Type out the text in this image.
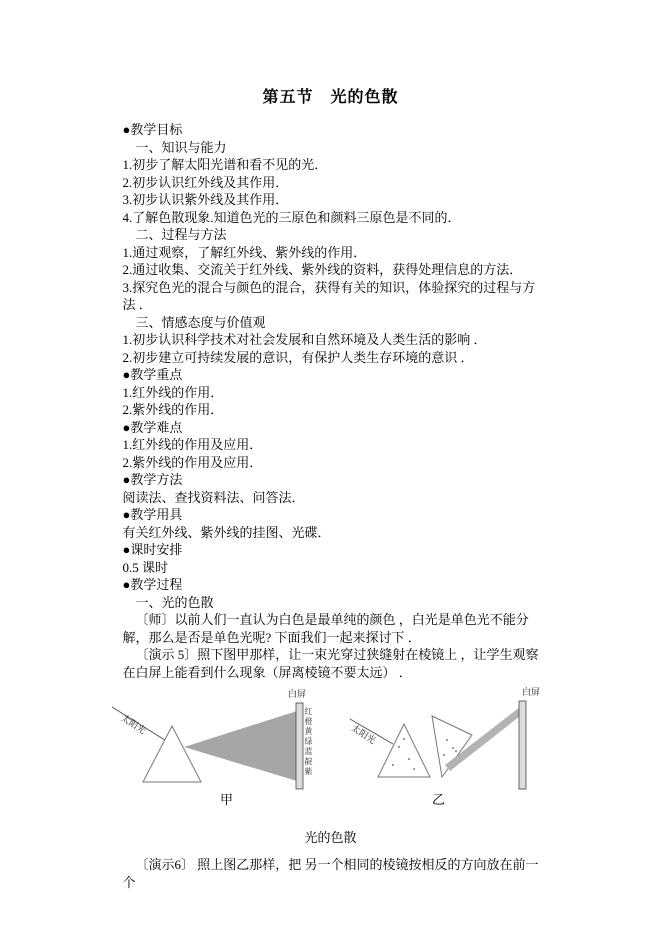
第五节　光的色散

●教学目标

一、知识与能力

1.初步了解太阳光谱和看不见的光．

2.初步认识红外线及其作用．

3.初步认识紫外线及其作用．

4.了解色散现象.知道色光的三原色和颜料三原色是不同的．

二、过程与方法

1.通过观察，了解红外线、紫外线的作用．

2.通过收集、交流关于红外线、紫外线的资料，获得处理信息的方法．

3.探究色光的混合与颜色的混合，获得有关的知识，体验探究的过程与方法 ．

三、情感态度与价值观

1.初步认识科学技术对社会发展和自然环境及人类生活的影响 ．

2.初步建立可持续发展的意识，有保护人类生存环境的意识 ．

●教学重点

1.红外线的作用．

2.紫外线的作用．

●教学难点

1.红外线的作用及应用．

2.紫外线的作用及应用．

●教学方法

阅读法、查找资料法、问答法．

●教学用具

有关红外线、紫外线的挂图、光碟．

●课时安排

0.5 课时

●教学过程

一、光的色散

〔师〕以前人们一直认为白色是最单纯的颜色 ，白光是单色光不能分解，那么是否是单色光呢? 下面我们一起来探讨下 ．

〔演示 5〕照下图甲那样，让一束光穿过狭缝射在棱镜上 ，让学生观察在白屏上能看到什么现象（屏离棱镜不要太远） ．

太阳光
白屏
红橙黄绿蓝靛紫
甲
太阳光
白屏
乙
光的色散

〔演示6〕 照上图乙那样，把 另一个相同的棱镜按相反的方向放在前一个
